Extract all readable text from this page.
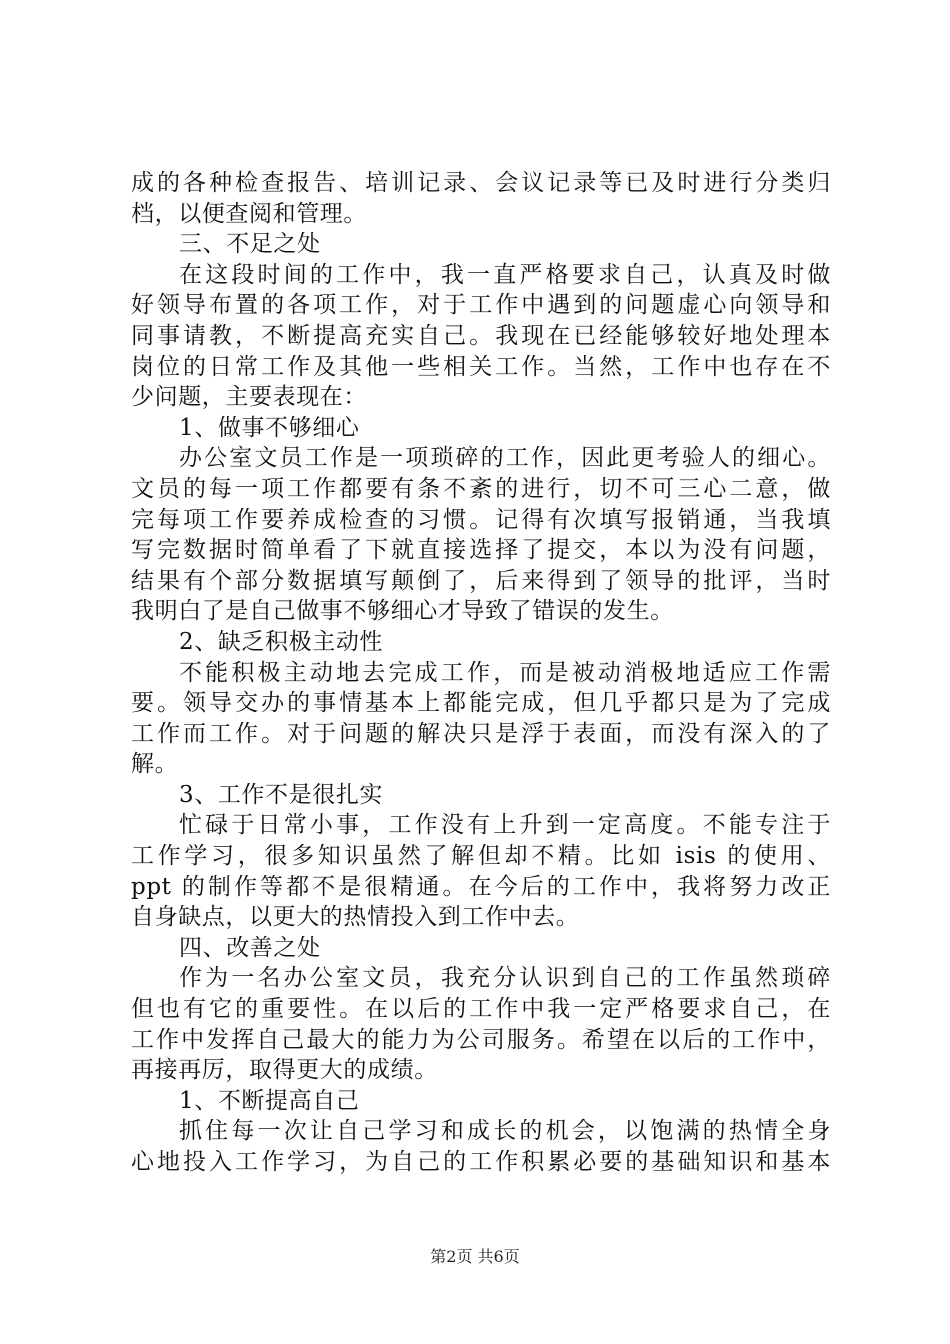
成的各种检查报告、培训记录、会议记录等已及时进行分类归
档，以便查阅和管理。
三、不足之处
在这段时间的工作中，我一直严格要求自己，认真及时做
好领导布置的各项工作，对于工作中遇到的问题虚心向领导和
同事请教，不断提高充实自己。我现在已经能够较好地处理本
岗位的日常工作及其他一些相关工作。当然，工作中也存在不
少问题，主要表现在：
1、做事不够细心
办公室文员工作是一项琐碎的工作，因此更考验人的细心。
文员的每一项工作都要有条不紊的进行，切不可三心二意，做
完每项工作要养成检查的习惯。记得有次填写报销通，当我填
写完数据时简单看了下就直接选择了提交，本以为没有问题，
结果有个部分数据填写颠倒了，后来得到了领导的批评，当时
我明白了是自己做事不够细心才导致了错误的发生。
2、缺乏积极主动性
不能积极主动地去完成工作，而是被动消极地适应工作需
要。领导交办的事情基本上都能完成，但几乎都只是为了完成
工作而工作。对于问题的解决只是浮于表面，而没有深入的了
解。
3、工作不是很扎实
忙碌于日常小事，工作没有上升到一定高度。不能专注于
工作学习，很多知识虽然了解但却不精。比如 isis 的使用、
ppt 的制作等都不是很精通。在今后的工作中，我将努力改正
自身缺点，以更大的热情投入到工作中去。
四、改善之处
作为一名办公室文员，我充分认识到自己的工作虽然琐碎
但也有它的重要性。在以后的工作中我一定严格要求自己，在
工作中发挥自己最大的能力为公司服务。希望在以后的工作中，
再接再厉，取得更大的成绩。
1、不断提高自己
抓住每一次让自己学习和成长的机会，以饱满的热情全身
心地投入工作学习，为自己的工作积累必要的基础知识和基本
第2页 共6页
